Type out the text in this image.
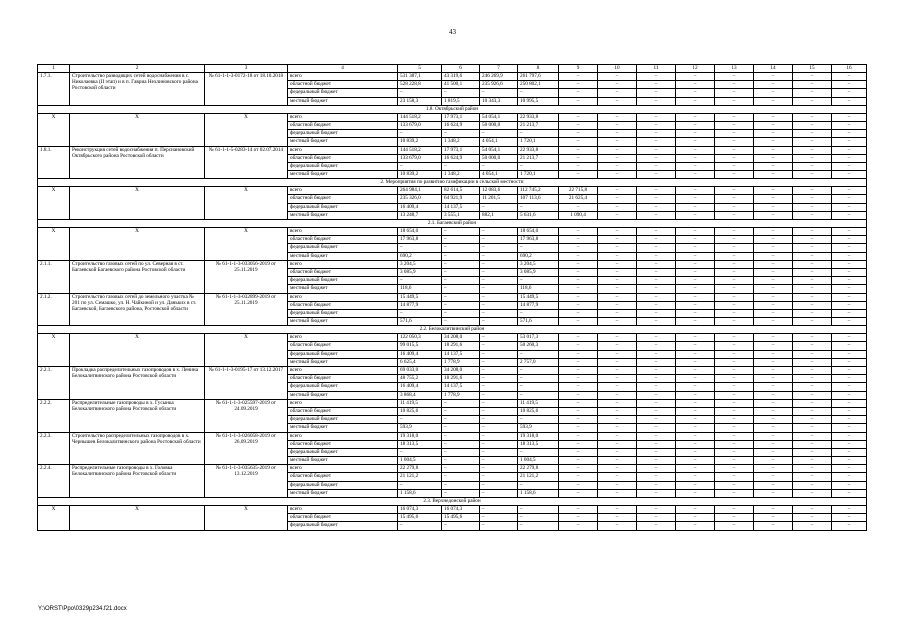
43
1	2	3	4	5	6	7	8	9	10	11	12	13	14	15	16
1.7.1.	Строительство разводящих сетей водоснабжения в с. Николаевка (II этап) и в п. Гавриа Нехлиновского района Ростовской области	№ 61-1-1-3-0172-18 от 18.10.2018	всего	531 387,1	43 319,6	246 269,9	261 797,6	–	–	–	–	–	–	–	–
			областной бюджет	528 228,8	41 500,1	235 926,6	250 802,1	–	–	–	–	–	–	–	–
			федеральный бюджет	–	–	–	–	–	–	–	–	–	–	–	–
			местный бюджет	23 158,3	1 819,5	10 343,3	10 995,5	–	–	–	–	–	–	–	–
1.8. Октябрьский район															
Х	Х	Х	всего	144 518,2	17 973,1	54 054,1	22 933,8	–	–	–	–	–	–	–	–
			областной бюджет	133 679,0	16 624,9	50 000,0	21 213,7	–	–	–	–	–	–	–	–
			федеральный бюджет	–	–	–	–	–	–	–	–	–	–	–	–
			местный бюджет	10 839,2	1 348,2	4 054,1	1 720,1	–	–	–	–	–	–	–	–
1.8.1.	Реконструкция сетей водоснабжения п. Персиановский Октябрьского района Ростовской области	№ 61-1-1-5-0283-14 от 02.07.2014	всего	144 518,2	17 973,1	54 054,1	22 933,8	–	–	–	–	–	–	–	–
			областной бюджет	133 679,0	16 624,9	50 000,0	21 213,7	–	–	–	–	–	–	–	–
			федеральный бюджет	–	–	–	–	–	–	–	–	–	–	–	–
			местный бюджет	10 839,2	1 348,2	4 054,1	1 720,1	–	–	–	–	–	–	–	–
2. Мероприятия по развитию газификации в сельской местности															
Х	Х	Х	всего	264 984,1	82 614,5	12 083,6	112 745,2	22 715,8	–	–	–	–	–	–	–
			областной бюджет	235 326,0	64 921,9	11 201,5	107 113,6	21 625,4	–	–	–	–	–	–	–
			федеральный бюджет	16 409,4	14 137,5	–	–	–	–	–	–	–	–	–	–
			местный бюджет	13 248,7	3 555,1	882,1	5 631,6	1 090,4	–	–	–	–	–	–	–
2.1. Багаевский район															
Х	Х	Х	всего	18 654,0	–	–	18 654,0	–	–	–	–	–	–	–	–
			областной бюджет	17 963,8	–	–	17 963,8	–	–	–	–	–	–	–	–
			федеральный бюджет	–	–	–	–	–	–	–	–	–	–	–	–
			местный бюджет	690,2	–	–	690,2	–	–	–	–	–	–	–	–
2.1.1.	Строительство газовых сетей по ул. Северная в ст. Багаевской Багаевского района Ростовской области	№ 61-1-1-3-033056-2019 от 25.11.2019	всего	3 204,5	–	–	3 204,5	–	–	–	–	–	–	–	–
			областной бюджет	3 085,9	–	–	3 085,9	–	–	–	–	–	–	–	–
			федеральный бюджет	–	–	–	–	–	–	–	–	–	–	–	–
			местный бюджет	118,6	–	–	118,6	–	–	–	–	–	–	–	–
2.1.2.	Строительство газовых сетей до земельного участка № 201 по ул. Семашко, ул. Н. Чайкиной и ул. Даньких в ст. Багаевской, Багаевского района, Ростовской области	№ 61-1-1-3-032899-2019 от 25.11.2019	всего	15 449,5	–	–	15 449,5	–	–	–	–	–	–	–	–
			областной бюджет	14 877,9	–	–	14 877,9	–	–	–	–	–	–	–	–
			федеральный бюджет	–	–	–	–	–	–	–	–	–	–	–	–
			местный бюджет	571,6	–	–	571,6	–	–	–	–	–	–	–	–
2.2. Белокалитвинский район															
Х	Х	Х	всего	122 050,3	34 208,0	–	53 017,3	–	–	–	–	–	–	–	–
			областной бюджет	99 015,5	18 291,6	–	50 260,3	–	–	–	–	–	–	–	–
			федеральный бюджет	16 409,4	14 137,5	–	–	–	–	–	–	–	–	–	–
			местный бюджет	6 625,4	1 778,9	–	2 757,0	–	–	–	–	–	–	–	–
2.2.1.	Прокладка распределительных газопроводов в х. Ленина Белокалитвинского района Ростовской области	№ 61-1-1-3-0195-17 от 13.12.2017	всего	69 033,0	34 208,0	–	–	–	–	–	–	–	–	–	–
			областной бюджет	48 755,2	18 291,6	–	–	–	–	–	–	–	–	–	–
			федеральный бюджет	16 409,4	14 137,5	–	–	–	–	–	–	–	–	–	–
			местный бюджет	3 868,4	1 778,9	–	–	–	–	–	–	–	–	–	–
2.2.2.	Распределительные газопроводы в х. Гусынка Белокалитвинского района Ростовской области	№ 61-1-1-3-025597-2019 от 24.09.2019	всего	11 419,5	–	–	11 419,5	–	–	–	–	–	–	–	–
			областной бюджет	10 825,6	–	–	10 825,6	–	–	–	–	–	–	–	–
			федеральный бюджет	–	–	–	–	–	–	–	–	–	–	–	–
			местный бюджет	593,9	–	–	593,9	–	–	–	–	–	–	–	–
2.2.3.	Строительство распределительных газопроводов в х. Чернышев Белокалитвинского района Ростовской области	№ 61-1-1-3-026058-2019 от 26.09.2019	всего	19 318,0	–	–	19 318,0	–	–	–	–	–	–	–	–
			областной бюджет	18 313,5	–	–	18 313,5	–	–	–	–	–	–	–	–
			федеральный бюджет	–	–	–	–	–	–	–	–	–	–	–	–
			местный бюджет	1 004,5	–	–	1 004,5	–	–	–	–	–	–	–	–
2.2.4.	Распределительные газопроводы в х. Головка Белокалитвинского района Ростовской области	№ 61-1-1-3-035635-2019 от 13.12.2019	всего	22 279,8	–	–	22 279,8	–	–	–	–	–	–	–	–
			областной бюджет	21 121,2	–	–	21 121,2	–	–	–	–	–	–	–	–
			федеральный бюджет	–	–	–	–	–	–	–	–	–	–	–	–
			местный бюджет	1 158,6	–	–	1 158,6	–	–	–	–	–	–	–	–
2.3. Верхнедонской район															
Х	Х	Х	всего	16 074,3	16 074,3	–	–	–	–	–	–	–	–	–	–
			областной бюджет	15 495,6	15 495,6	–	–	–	–	–	–	–	–	–	–
			федеральный бюджет	–	–	–	–	–	–	–	–	–	–	–	–
Y:\ORST\Ppo\0329p234.f21.docx
